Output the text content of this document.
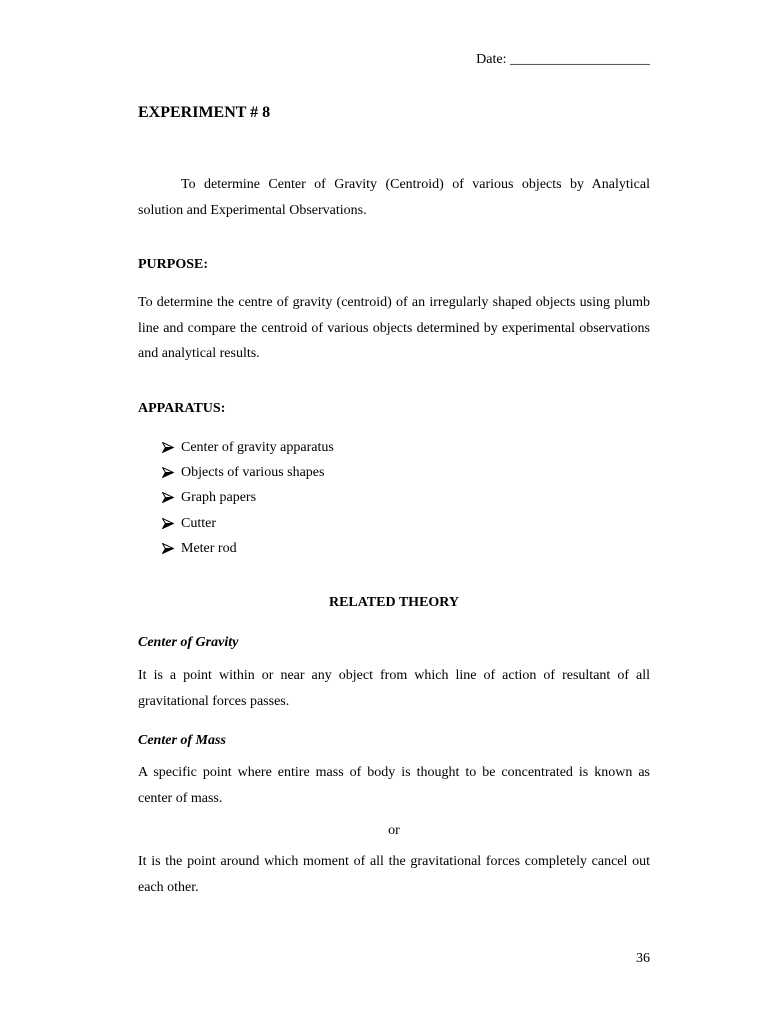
Date: ____________________
EXPERIMENT # 8
To determine Center of Gravity (Centroid) of various objects by Analytical
solution and Experimental Observations.
PURPOSE:
To determine the centre of gravity (centroid) of an irregularly shaped objects using plumb
line and compare the centroid of various objects determined by experimental observations
and analytical results.
APPARATUS:
Center of gravity apparatus
Objects of various shapes
Graph papers
Cutter
Meter rod
RELATED THEORY
Center of Gravity
It is a point within or near any object from which line of action of resultant of all
gravitational forces passes.
Center of Mass
A specific point where entire mass of body is thought to be concentrated is known as
center of mass.
or
It is the point around which moment of all the gravitational forces completely cancel out
each other.
36
